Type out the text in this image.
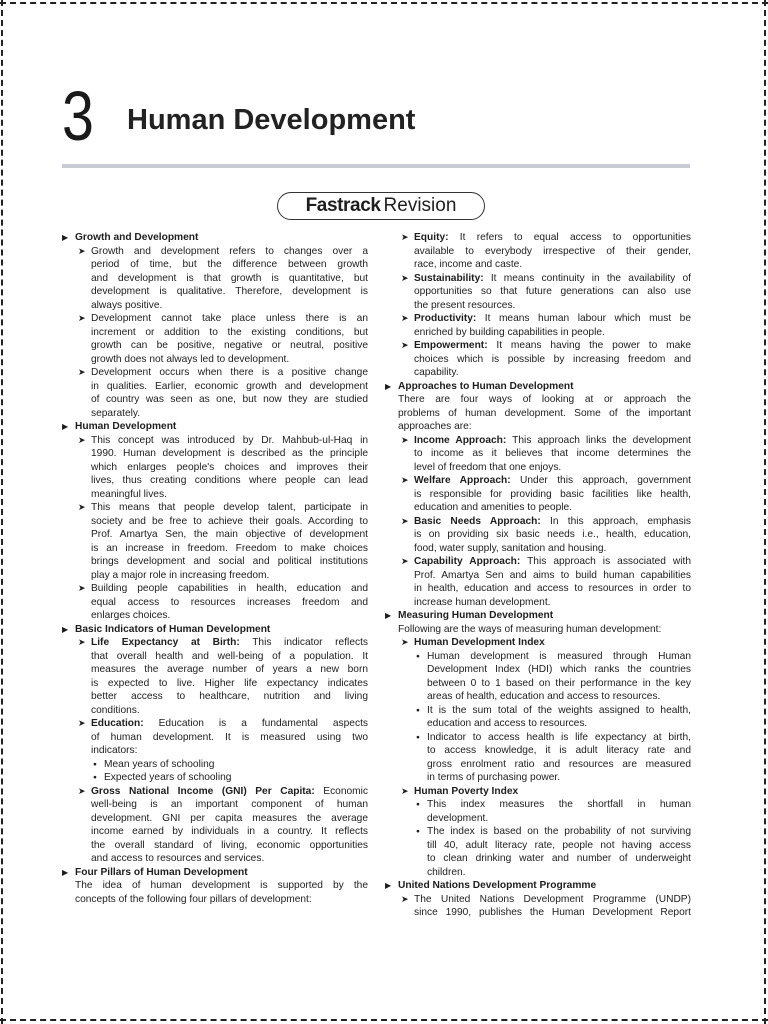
3 Human Development
Fastrack Revision
▶ Growth and Development
➤ Growth and development refers to changes over a
period of time, but the difference between growth
and development is that growth is quantitative, but
development is qualitative. Therefore, development is
always positive.
➤ Development cannot take place unless there is an
increment or addition to the existing conditions, but
growth can be positive, negative or neutral, positive
growth does not always led to development.
➤ Development occurs when there is a positive change
in qualities. Earlier, economic growth and development
of country was seen as one, but now they are studied
separately.
▶ Human Development
➤ This concept was introduced by Dr. Mahbub-ul-Haq in
1990. Human development is described as the principle
which enlarges people's choices and improves their
lives, thus creating conditions where people can lead
meaningful lives.
➤ This means that people develop talent, participate in
society and be free to achieve their goals. According to
Prof. Amartya Sen, the main objective of development
is an increase in freedom. Freedom to make choices
brings development and social and political institutions
play a major role in increasing freedom.
➤ Building people capabilities in health, education and
equal access to resources increases freedom and
enlarges choices.
▶ Basic Indicators of Human Development
➤ Life Expectancy at Birth: This indicator reflects
that overall health and well-being of a population. It
measures the average number of years a new born
is expected to live. Higher life expectancy indicates
better access to healthcare, nutrition and living
conditions.
➤ Education: Education is a fundamental aspects
of human development. It is measured using two
indicators:
● Mean years of schooling
● Expected years of schooling
➤ Gross National Income (GNI) Per Capita: Economic
well-being is an important component of human
development. GNI per capita measures the average
income earned by individuals in a country. It reflects
the overall standard of living, economic opportunities
and access to resources and services.
▶ Four Pillars of Human Development
The idea of human development is supported by the
concepts of the following four pillars of development:
➤ Equity: It refers to equal access to opportunities
available to everybody irrespective of their gender,
race, income and caste.
➤ Sustainability: It means continuity in the availability of
opportunities so that future generations can also use
the present resources.
➤ Productivity: It means human labour which must be
enriched by building capabilities in people.
➤ Empowerment: It means having the power to make
choices which is possible by increasing freedom and
capability.
▶ Approaches to Human Development
There are four ways of looking at or approach the
problems of human development. Some of the important
approaches are:
➤ Income Approach: This approach links the development
to income as it believes that income determines the
level of freedom that one enjoys.
➤ Welfare Approach: Under this approach, government
is responsible for providing basic facilities like health,
education and amenities to people.
➤ Basic Needs Approach: In this approach, emphasis
is on providing six basic needs i.e., health, education,
food, water supply, sanitation and housing.
➤ Capability Approach: This approach is associated with
Prof. Amartya Sen and aims to build human capabilities
in health, education and access to resources in order to
increase human development.
▶ Measuring Human Development
Following are the ways of measuring human development:
➤ Human Development Index
● Human development is measured through Human
Development Index (HDI) which ranks the countries
between 0 to 1 based on their performance in the key
areas of health, education and access to resources.
● It is the sum total of the weights assigned to health,
education and access to resources.
● Indicator to access health is life expectancy at birth,
to access knowledge, it is adult literacy rate and
gross enrolment ratio and resources are measured
in terms of purchasing power.
➤ Human Poverty Index
● This index measures the shortfall in human
development.
● The index is based on the probability of not surviving
till 40, adult literacy rate, people not having access
to clean drinking water and number of underweight
children.
▶ United Nations Development Programme
➤ The United Nations Development Programme (UNDP)
since 1990, publishes the Human Development Report
